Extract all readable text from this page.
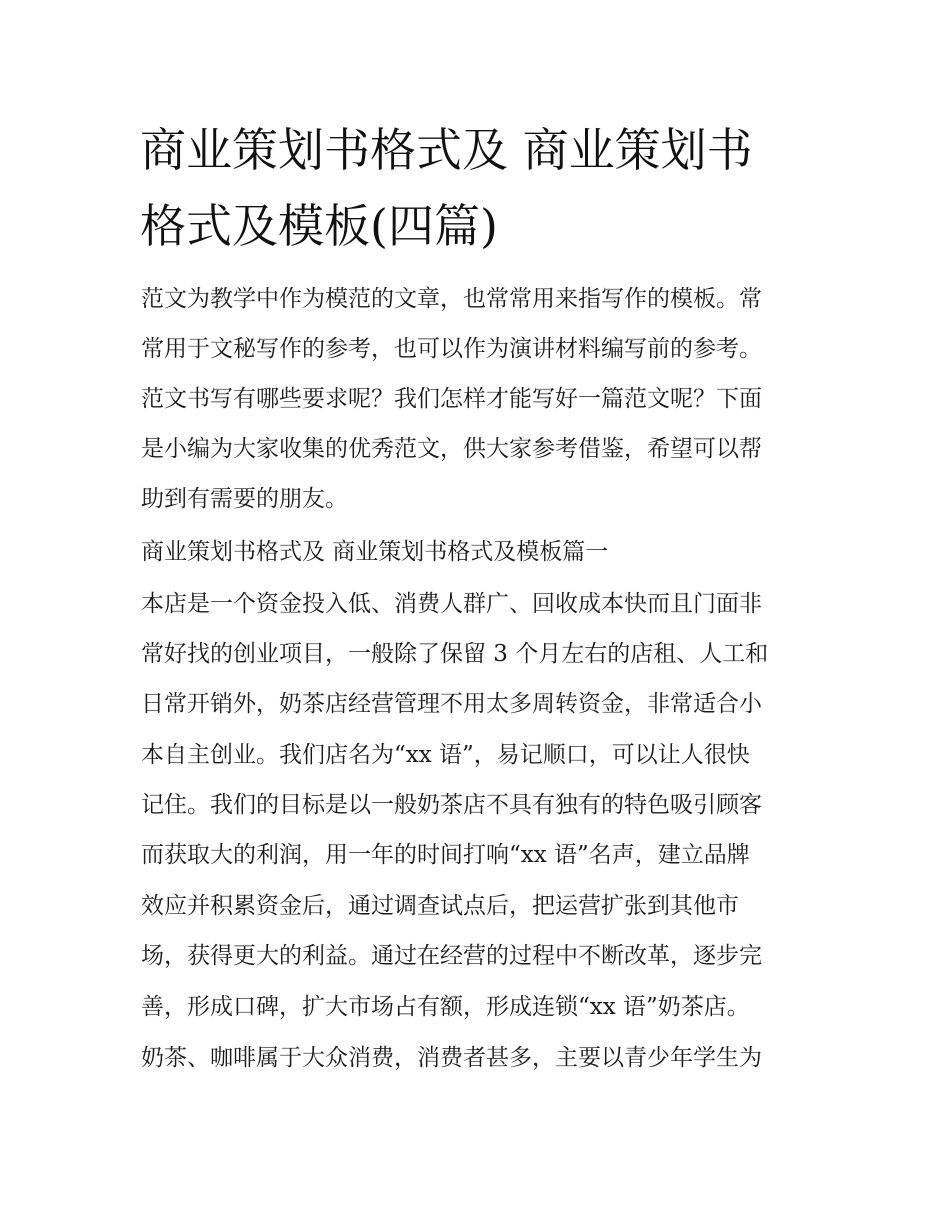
商业策划书格式及 商业策划书
格式及模板(四篇)

范文为教学中作为模范的文章，也常常用来指写作的模板。常

常用于文秘写作的参考，也可以作为演讲材料编写前的参考。

范文书写有哪些要求呢？我们怎样才能写好一篇范文呢？下面

是小编为大家收集的优秀范文，供大家参考借鉴，希望可以帮

助到有需要的朋友。

商业策划书格式及 商业策划书格式及模板篇一

本店是一个资金投入低、消费人群广、回收成本快而且门面非

常好找的创业项目，一般除了保留 3 个月左右的店租、人工和

日常开销外，奶茶店经营管理不用太多周转资金，非常适合小

本自主创业。我们店名为“xx 语”，易记顺口，可以让人很快

记住。我们的目标是以一般奶茶店不具有独有的特色吸引顾客

而获取大的利润，用一年的时间打响“xx 语”名声，建立品牌

效应并积累资金后，通过调查试点后，把运营扩张到其他市

场，获得更大的利益。通过在经营的过程中不断改革，逐步完

善，形成口碑，扩大市场占有额，形成连锁“xx 语”奶茶店。

奶茶、咖啡属于大众消费，消费者甚多，主要以青少年学生为
